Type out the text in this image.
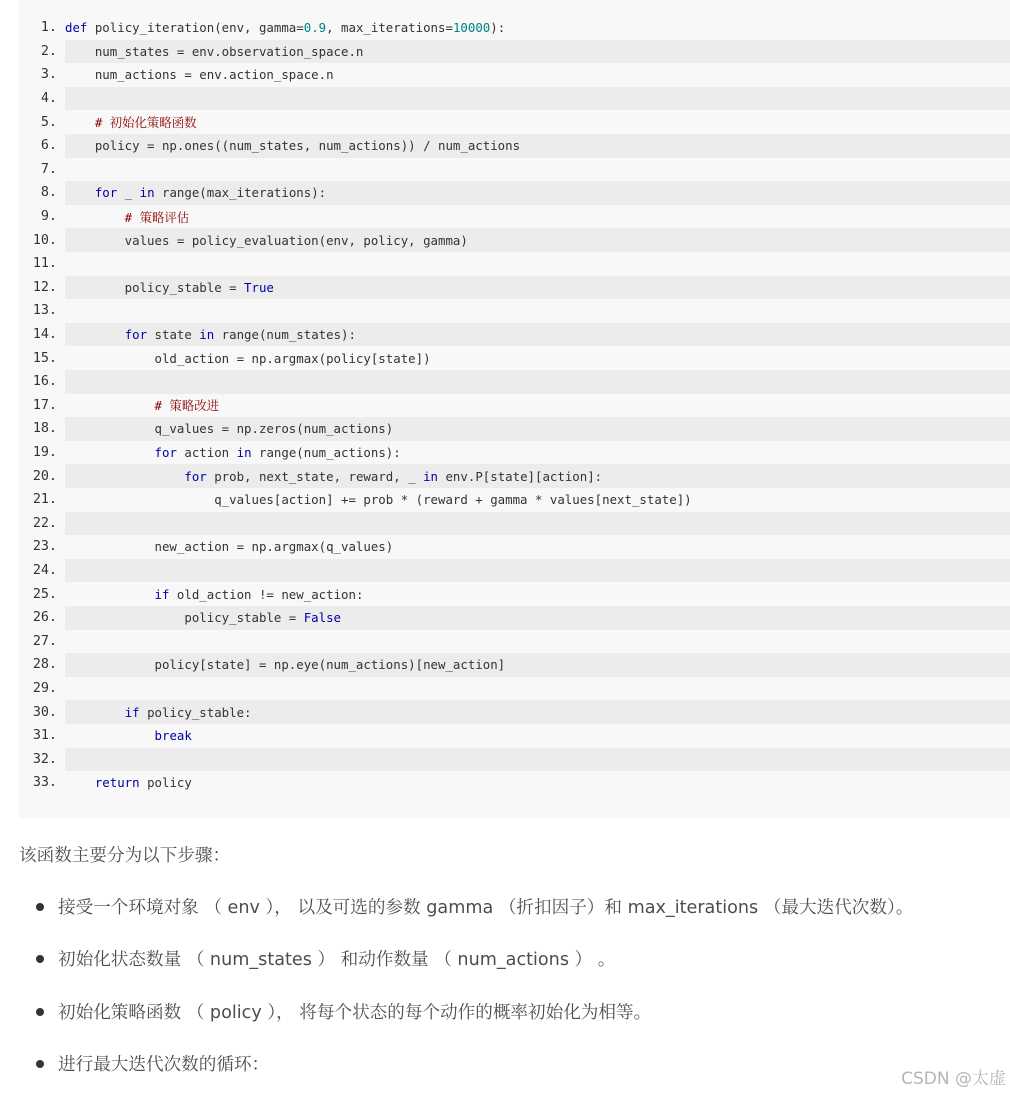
1. def policy_iteration(env, gamma=0.9, max_iterations=10000):
2. num_states = env.observation_space.n
3. num_actions = env.action_space.n
4.
5. # 初始化策略函数
6. policy = np.ones((num_states, num_actions)) / num_actions
7.
8.	for _ in range(max_iterations):
9. # 策略评估
10. values = policy_evaluation(env, policy, gamma)
11.
12. policy_stable = True
13.
14.	for state in range(num_states):
15. old_action = np.argmax(policy[state])
16.
17. # 策略改进
18. q_values = np.zeros(num_actions)
19.	for action in range(num_actions):
20.	for prob, next_state, reward, _ in env.P[state][action]:
21. q_values[action] += prob * (reward + gamma * values[next_state])
22.
23. new_action = np.argmax(q_values)
24.
25.	if old_action != new_action:
26. policy_stable = False
27.
28. policy[state] = np.eye(num_actions)[new_action]
29.
30.	if policy_stable:
31.	break
32.
33.	return policy
该函数主要分为以下步骤：
接受一个环境对象 （ env ）， 以及可选的参数 gamma （折扣因子）和 max_iterations （最大迭代次数）。
初始化状态数量 （ num_states ） 和动作数量 （ num_actions ） 。
初始化策略函数 （ policy ）， 将每个状态的每个动作的概率初始化为相等。
进行最大迭代次数的循环：
CSDN @太虚
